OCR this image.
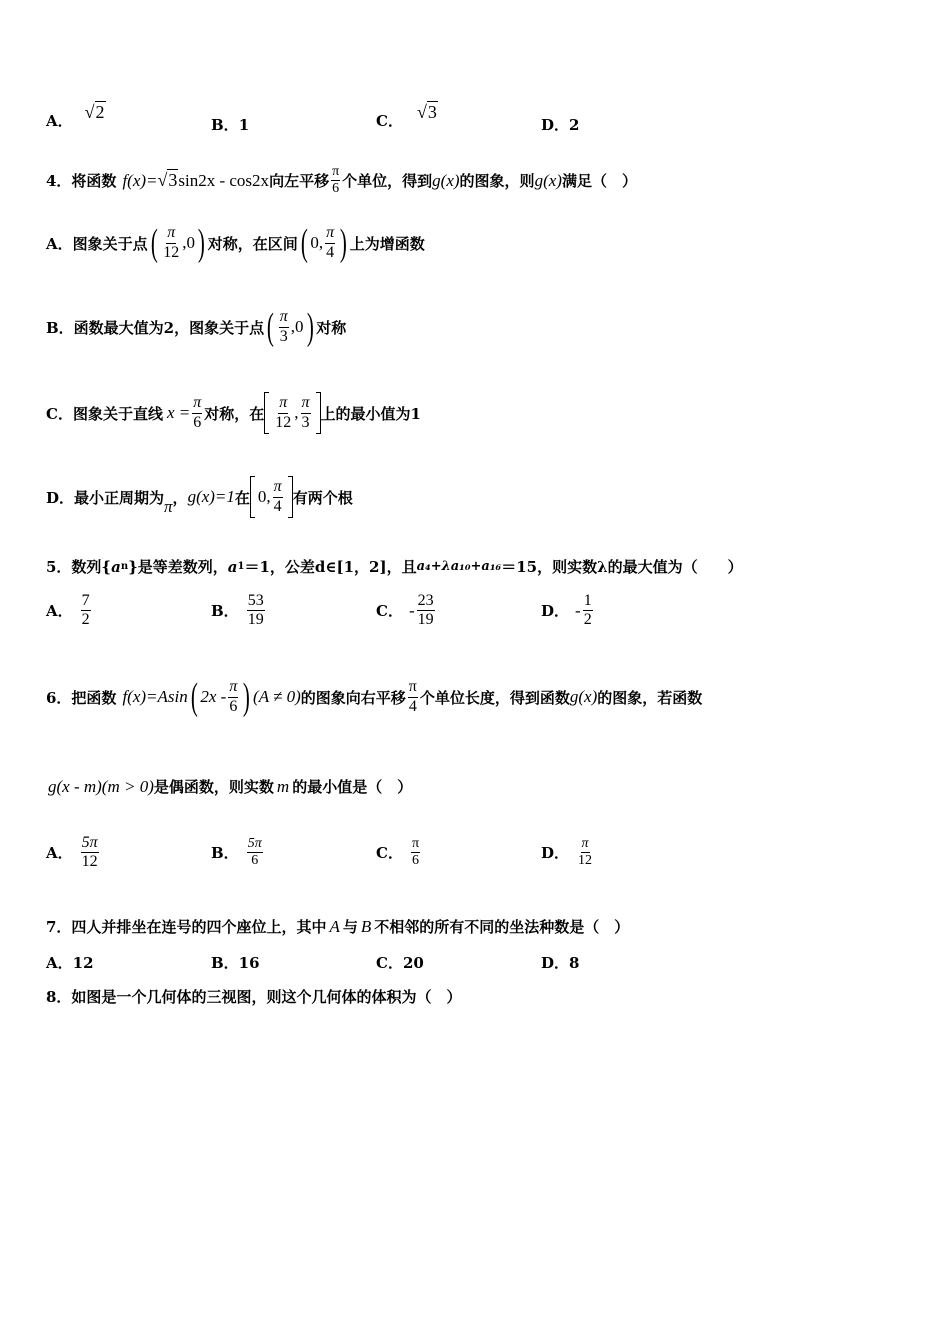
A． √2
B． 1	C． √3
D． 2
4．将函数 f(x)= √3 sin2x - cos2x 向左平移 $\frac{\pi}{6}$ 个单位，得到 g(x) 的图象，则 g(x) 满足（　）
A．图象关于点 ( $\frac{\pi}{12} ,0$ ) 对称，在区间 ( 0, $\frac{\pi}{4}$ ) 上为增函数
B．函数最大值为2，图象关于点 ( $\frac{\pi}{3} ,0$ ) 对称
C．图象关于直线 $x = \frac{\pi}{6}$ 对称，在 $\frac{\pi}{12}$ , $\frac{\pi}{3}$ 上的最小值为1
D．最小正周期为 π ， g(x)=1 在 0, $\frac{\pi}{4}$ 有两个根
5．数列{ a n }是等差数列， a 1 ＝1，公差d∈[1，2]，且 a₄+λa₁₀+a₁₆ ＝15，则实数λ的最大值为（　　）
A． $\frac{7}{2}$	B． $\frac{53}{19}$	C． - $\frac{23}{19}$	D． - $\frac{1}{2}$
6．把函数 f(x)=Asin ( $2x - \frac{\pi}{6}$ ) (A ≠ 0) 的图象向右平移 $\frac{\pi}{4}$ 个单位长度，得到函数 g(x) 的图象，若函数
g(x - m)(m > 0) 是偶函数，则实数 m 的最小值是（　）
A． $\frac{5\pi}{12}$	B． $\frac{5\pi}{6}$	C． $\frac{\pi}{6}$	D． $\frac{\pi}{12}$
7．四人并排坐在连号的四个座位上，其中 A 与 B 不相邻的所有不同的坐法种数是（　）
A．12	B．16	C．20	D．8
8．如图是一个几何体的三视图，则这个几何体的体积为（　）
